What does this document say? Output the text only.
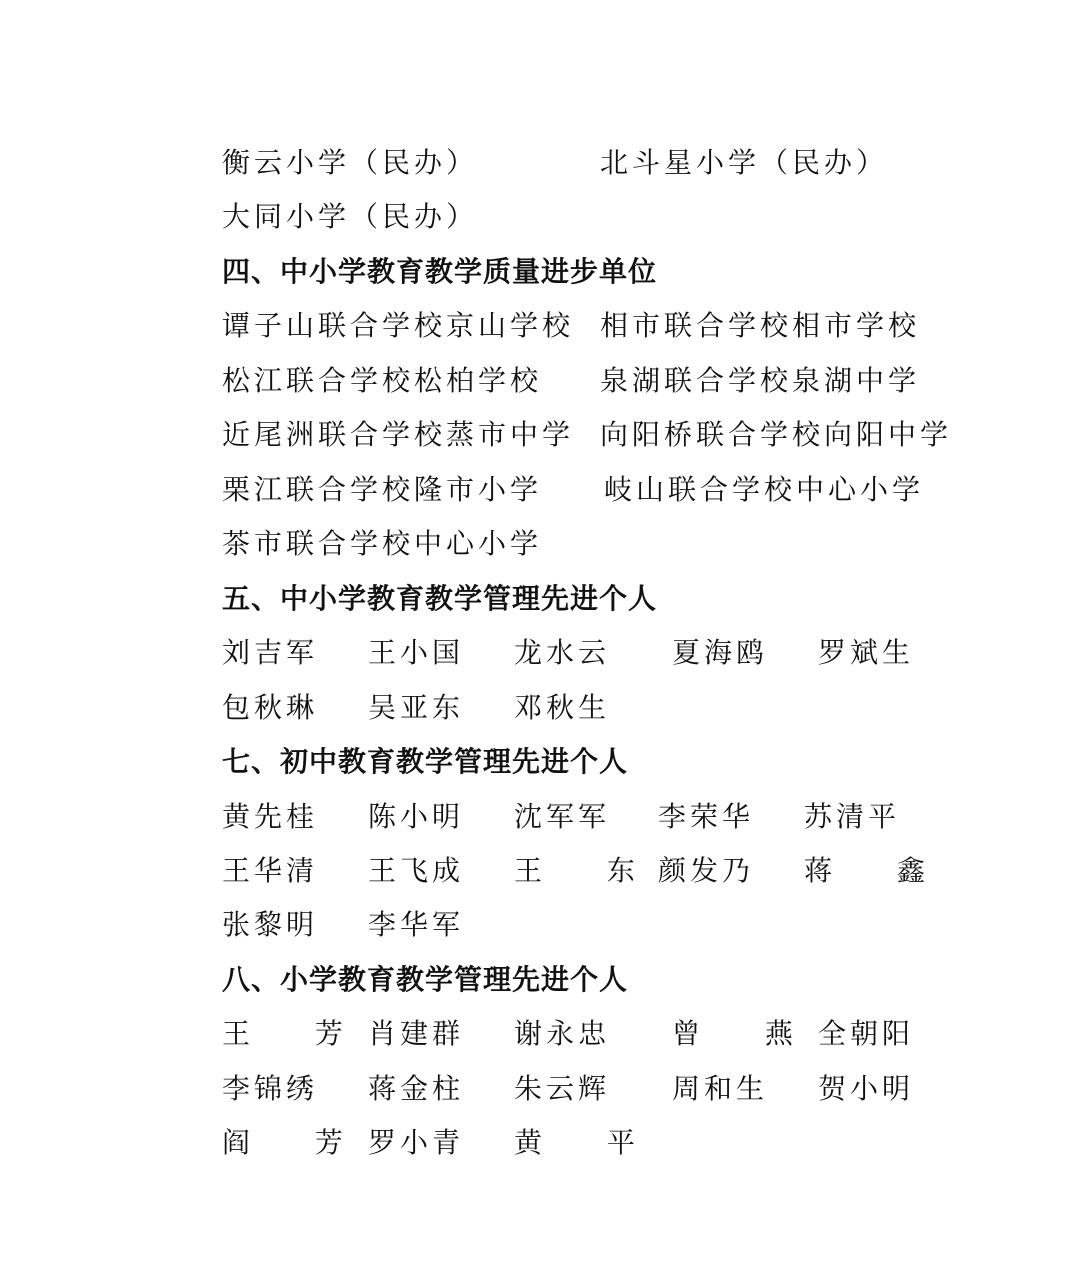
衡云小学（民办）	北斗星小学（民办）
大同小学（民办）
四、中小学教育教学质量进步单位
谭子山联合学校京山学校 相市联合学校相市学校
松江联合学校松柏学校 泉湖联合学校泉湖中学
近尾洲联合学校蒸市中学 向阳桥联合学校向阳中学
栗江联合学校隆市小学 岐山联合学校中心小学
茶市联合学校中心小学
五、中小学教育教学管理先进个人
刘吉军 王小国 龙水云 夏海鸥 罗斌生
包秋琳 吴亚东 邓秋生
七、初中教育教学管理先进个人
黄先桂 陈小明 沈军军 李荣华 苏清平
王华清 王飞成 王 东
颜发乃 蒋 鑫
张黎明 李华军
八、小学教育教学管理先进个人
王 芳
肖建群 谢永忠 曾 燕
全朝阳
李锦绣 蒋金柱 朱云辉 周和生 贺小明
阎 芳
罗小青 黄 平
